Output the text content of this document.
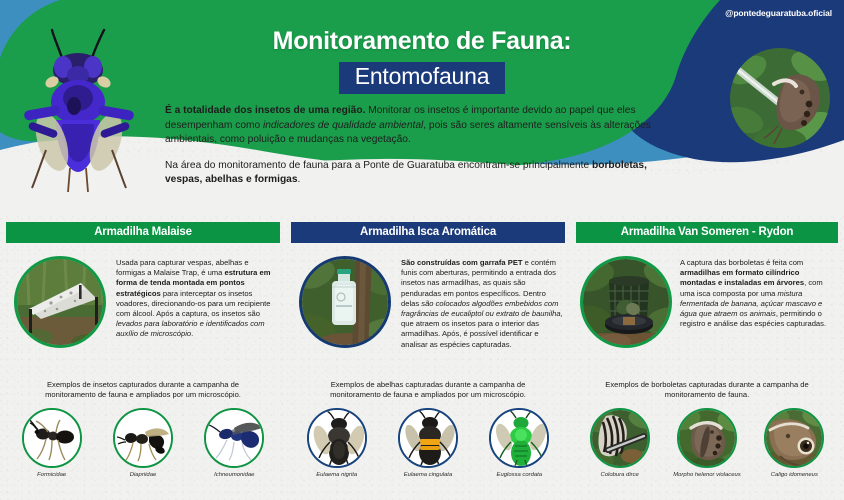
@pontedeguaratuba.oficial
Monitoramento de Fauna:
Entomofauna

É a totalidade dos insetos de uma região. Monitorar os insetos é importante devido ao papel que eles desempenham como indicadores de qualidade ambiental, pois são seres altamente sensíveis às alterações ambientais, como poluição e mudanças na vegetação.

Na área do monitoramento de fauna para a Ponte de Guaratuba encontram-se principalmente borboletas, vespas, abelhas e formigas.

Armadilha Malaise
Usada para capturar vespas, abelhas e formigas a Malaise Trap, é uma estrutura em forma de tenda montada em pontos estratégicos para interceptar os insetos voadores, direcionando-os para um recipiente com álcool. Após a captura, os insetos são levados para laboratório e identificados com auxílio de microscópio.
Exemplos de insetos capturados durante a campanha de monitoramento de fauna e ampliados por um microscópio.
Formicidae	Diapriidae	Ichneumonidae
Armadilha Isca Aromática
São construídas com garrafa PET e contém funis com aberturas, permitindo a entrada dos insetos nas armadilhas, as quais são penduradas em pontos específicos. Dentro delas são colocados algodões embebidos com fragrâncias de eucaliptol ou extrato de baunilha, que atraem os insetos para o interior das armadilhas. Após, é possível identificar e analisar as espécies capturadas.
Exemplos de abelhas capturadas durante a campanha de monitoramento de fauna e ampliados por um microscópio.
Eulaema nigrita	Eulaema cingulata	Euglossa cordata
Armadilha Van Someren - Rydon
A captura das borboletas é feita com armadilhas em formato cilíndrico montadas e instaladas em árvores, com uma isca composta por uma mistura fermentada de banana, açúcar mascavo e água que atraem os animais, permitindo o registro e análise das espécies capturadas.
Exemplos de borboletas capturadas durante a campanha de monitoramento de fauna.
Colobura dirce	Morpho helenor violaceus	Caligo idomeneus
